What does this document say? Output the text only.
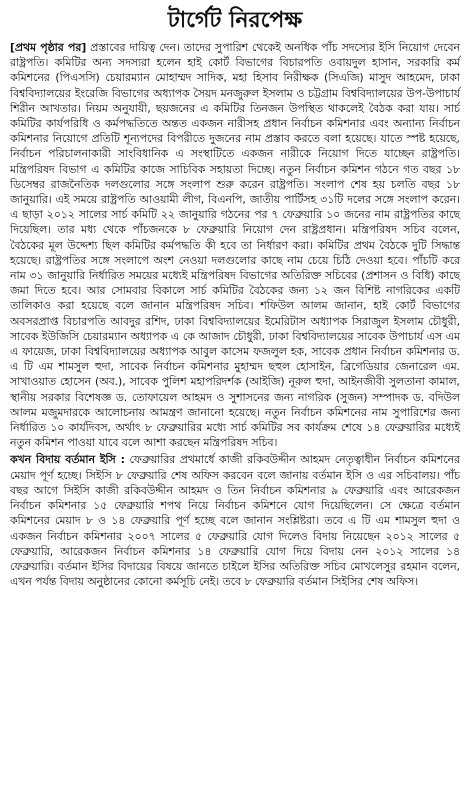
টার্গেট নিরপেক্ষ

[প্রথম পৃষ্ঠার পর] প্রস্তাবের দায়িত্ব দেন। তাদের সুপারিশ থেকেই অনধিক পাঁচ সদস্যের ইসি নিয়োগ দেবেন রাষ্ট্রপতি। কমিটির অন্য সদস্যরা হলেন হাই কোর্ট বিভাগের বিচারপতি ওবায়দুল হাসান, সরকারি কর্ম কমিশনের (পিএসসি) চেয়ারম্যান মোহাম্মদ সাদিক, মহা হিসাব নিরীক্ষক (সিএজি) মাসুদ আহমেদ, ঢাকা বিশ্ববিদ্যালয়ের ইংরেজি বিভাগের অধ্যাপক সৈয়দ মনজুরুল ইসলাম ও চট্টগ্রাম বিশ্ববিদ্যালয়ের উপ-উপাচার্য শিরীন আখতার। নিয়ম অনুযায়ী, ছয়জনের এ কমিটির তিনজন উপস্থিত থাকলেই বৈঠক করা যায়। সার্চ কমিটির কার্যপরিধি ও কর্মপদ্ধতিতে অন্তত একজন নারীসহ প্রধান নির্বাচন কমিশনার এবং অন্যান্য নির্বাচন কমিশনার নিয়োগে প্রতিটি শূন্যপদের বিপরীতে দুজনের নাম প্রস্তাব করতে বলা হয়েছে। যাতে স্পষ্ট হয়েছে, নির্বাচন পরিচালনাকারী সাংবিধানিক এ সংস্থাটিতে একজন নারীকে নিয়োগ দিতে যাচ্ছেন রাষ্ট্রপতি। মন্ত্রিপরিষদ বিভাগ এ কমিটির কাজে সাচিবিক সহায়তা দিচ্ছে। নতুন নির্বাচন কমিশন গঠনে গত বছর ১৮ ডিসেম্বর রাজনৈতিক দলগুলোর সঙ্গে সংলাপ শুরু করেন রাষ্ট্রপতি। সংলাপ শেষ হয় চলতি বছর ১৮ জানুয়ারি। এই সময়ে রাষ্ট্রপতি আওয়ামী লীগ, বিএনপি, জাতীয় পার্টিসহ ৩১টি দলের সঙ্গে সংলাপ করেন। এ ছাড়া ২০১২ সালের সার্চ কমিটি ২২ জানুয়ারি গঠনের পর ৭ ফেব্রুয়ারি ১০ জনের নাম রাষ্ট্রপতির কাছে দিয়েছিল। তার মধ্য থেকে পাঁচজনকে ৮ ফেব্রুয়ারি নিয়োগ দেন রাষ্ট্রপ্রধান। মন্ত্রিপরিষদ সচিব বলেন, বৈঠকের মূল উদ্দেশ্য ছিল কমিটির কর্মপদ্ধতি কী হবে তা নির্ধারণ করা। কমিটির প্রথম বৈঠকে দুটি সিদ্ধান্ত হয়েছে। রাষ্ট্রপতির সঙ্গে সংলাপে অংশ নেওয়া দলগুলোর কাছে নাম চেয়ে চিঠি দেওয়া হবে। পাঁচটি করে নাম ৩১ জানুয়ারি নির্ধারিত সময়ের মধ্যেই মন্ত্রিপরিষদ বিভাগের অতিরিক্ত সচিবের (প্রশাসন ও বিধি) কাছে জমা দিতে হবে। আর সোমবার বিকালে সার্চ কমিটির বৈঠকের জন্য ১২ জন বিশিষ্ট নাগরিকের একটি তালিকাও করা হয়েছে বলে জানান মন্ত্রিপরিষদ সচিব। শফিউল আলম জানান, হাই কোর্ট বিভাগের অবসরপ্রাপ্ত বিচারপতি আবদুর রশিদ, ঢাকা বিশ্ববিদ্যালয়ের ইমেরিটাস অধ্যাপক সিরাজুল ইসলাম চৌধুরী, সাবেক ইউজিসি চেয়ারম্যান অধ্যাপক এ কে আজাদ চৌধুরী, ঢাকা বিশ্ববিদ্যালয়ের সাবেক উপাচার্য এস এম এ ফায়েজ, ঢাকা বিশ্ববিদ্যালয়ের অধ্যাপক আবুল কাসেম ফজলুল হক, সাবেক প্রধান নির্বাচন কমিশনার ড. এ টি এম শামসুল হুদা, সাবেক নির্বাচন কমিশনার মুহাম্মদ ছহুল হোসাইন, ব্রিগেডিয়ার জেনারেল এম. সাখাওয়াত হোসেন (অব.), সাবেক পুলিশ মহাপরিদর্শক (আইজি) নূরুল হুদা, আইনজীবী সুলতানা কামাল, স্থানীয় সরকার বিশেষজ্ঞ ড. তোফায়েল আহমদ ও সুশাসনের জন্য নাগরিক (সুজন) সম্পাদক ড. বদিউল আলম মজুমদারকে আলোচনায় আমন্ত্রণ জানানো হয়েছে। নতুন নির্বাচন কমিশনের নাম সুপারিশের জন্য নির্ধারিত ১০ কার্যদিবস, অর্থাৎ ৮ ফেব্রুয়ারির মধ্যে সার্চ কমিটির সব কার্যক্রম শেষে ১৪ ফেব্রুয়ারির মধ্যেই নতুন কমিশন পাওয়া যাবে বলে আশা করছেন মন্ত্রিপরিষদ সচিব।

কখন বিদায় বর্তমান ইসি : ফেব্রুয়ারির প্রথমার্ধে কাজী রকিবউদ্দীন আহমদ নেতৃত্বাধীন নির্বাচন কমিশনের মেয়াদ পূর্ণ হচ্ছে। সিইসি ৮ ফেব্রুয়ারি শেষ অফিস করবেন বলে জানায় বর্তমান ইসি ও এর সচিবালয়। পাঁচ বছর আগে সিইসি কাজী রকিবউদ্দীন আহমদ ও তিন নির্বাচন কমিশনার ৯ ফেব্রুয়ারি এবং আরেকজন নির্বাচন কমিশনার ১৫ ফেব্রুয়ারি শপথ নিয়ে নির্বাচন কমিশনে যোগ দিয়েছিলেন। সে ক্ষেত্রে বর্তমান কমিশনের মেয়াদ ৮ ও ১৪ ফেব্রুয়ারি পূর্ণ হচ্ছে বলে জানান সংশ্লিষ্টরা। তবে এ টি এম শামসুল হুদা ও একজন নির্বাচন কমিশনার ২০০৭ সালের ৫ ফেব্রুয়ারি যোগ দিলেও বিদায় নিয়েছেন ২০১২ সালের ৫ ফেব্রুয়ারি, আরেকজন নির্বাচন কমিশনার ১৪ ফেব্রুয়ারি যোগ দিয়ে বিদায় নেন ২০১২ সালের ১৪ ফেব্রুয়ারি। বর্তমান ইসির বিদায়ের বিষয়ে জানতে চাইলে ইসির অতিরিক্ত সচিব মোখলেসুর রহমান বলেন, এখন পর্যন্ত বিদায় অনুষ্ঠানের কোনো কর্মসূচি নেই। তবে ৮ ফেব্রুয়ারি বর্তমান সিইসির শেষ অফিস।
